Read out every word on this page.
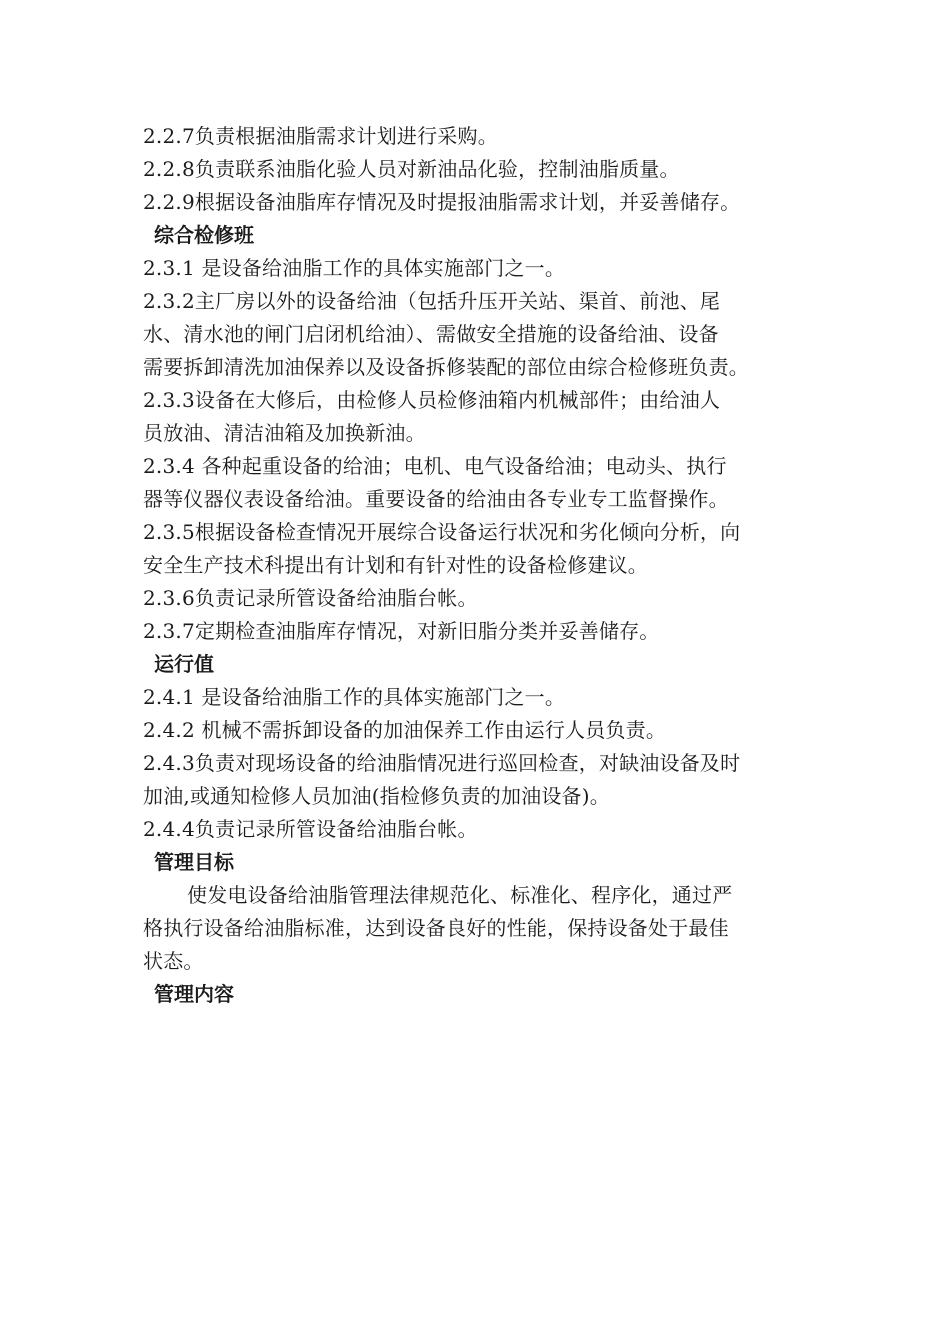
2.2.7负责根据油脂需求计划进行采购。
2.2.8负责联系油脂化验人员对新油品化验，控制油脂质量。
2.2.9根据设备油脂库存情况及时提报油脂需求计划，并妥善储存。
综合检修班
2.3.1 是设备给油脂工作的具体实施部门之一。
2.3.2主厂房以外的设备给油（包括升压开关站、渠首、前池、尾
水、清水池的闸门启闭机给油）、需做安全措施的设备给油、设备
需要拆卸清洗加油保养以及设备拆修装配的部位由综合检修班负责。
2.3.3设备在大修后，由检修人员检修油箱内机械部件；由给油人
员放油、清洁油箱及加换新油。
2.3.4 各种起重设备的给油；电机、电气设备给油；电动头、执行
器等仪器仪表设备给油。重要设备的给油由各专业专工监督操作。
2.3.5根据设备检查情况开展综合设备运行状况和劣化倾向分析，向
安全生产技术科提出有计划和有针对性的设备检修建议。
2.3.6负责记录所管设备给油脂台帐。
2.3.7定期检查油脂库存情况，对新旧脂分类并妥善储存。
运行值
2.4.1 是设备给油脂工作的具体实施部门之一。
2.4.2 机械不需拆卸设备的加油保养工作由运行人员负责。
2.4.3负责对现场设备的给油脂情况进行巡回检查，对缺油设备及时
加油,或通知检修人员加油(指检修负责的加油设备)。
2.4.4负责记录所管设备给油脂台帐。
管理目标
使发电设备给油脂管理法律规范化、标准化、程序化，通过严
格执行设备给油脂标准，达到设备良好的性能，保持设备处于最佳
状态。
管理内容
